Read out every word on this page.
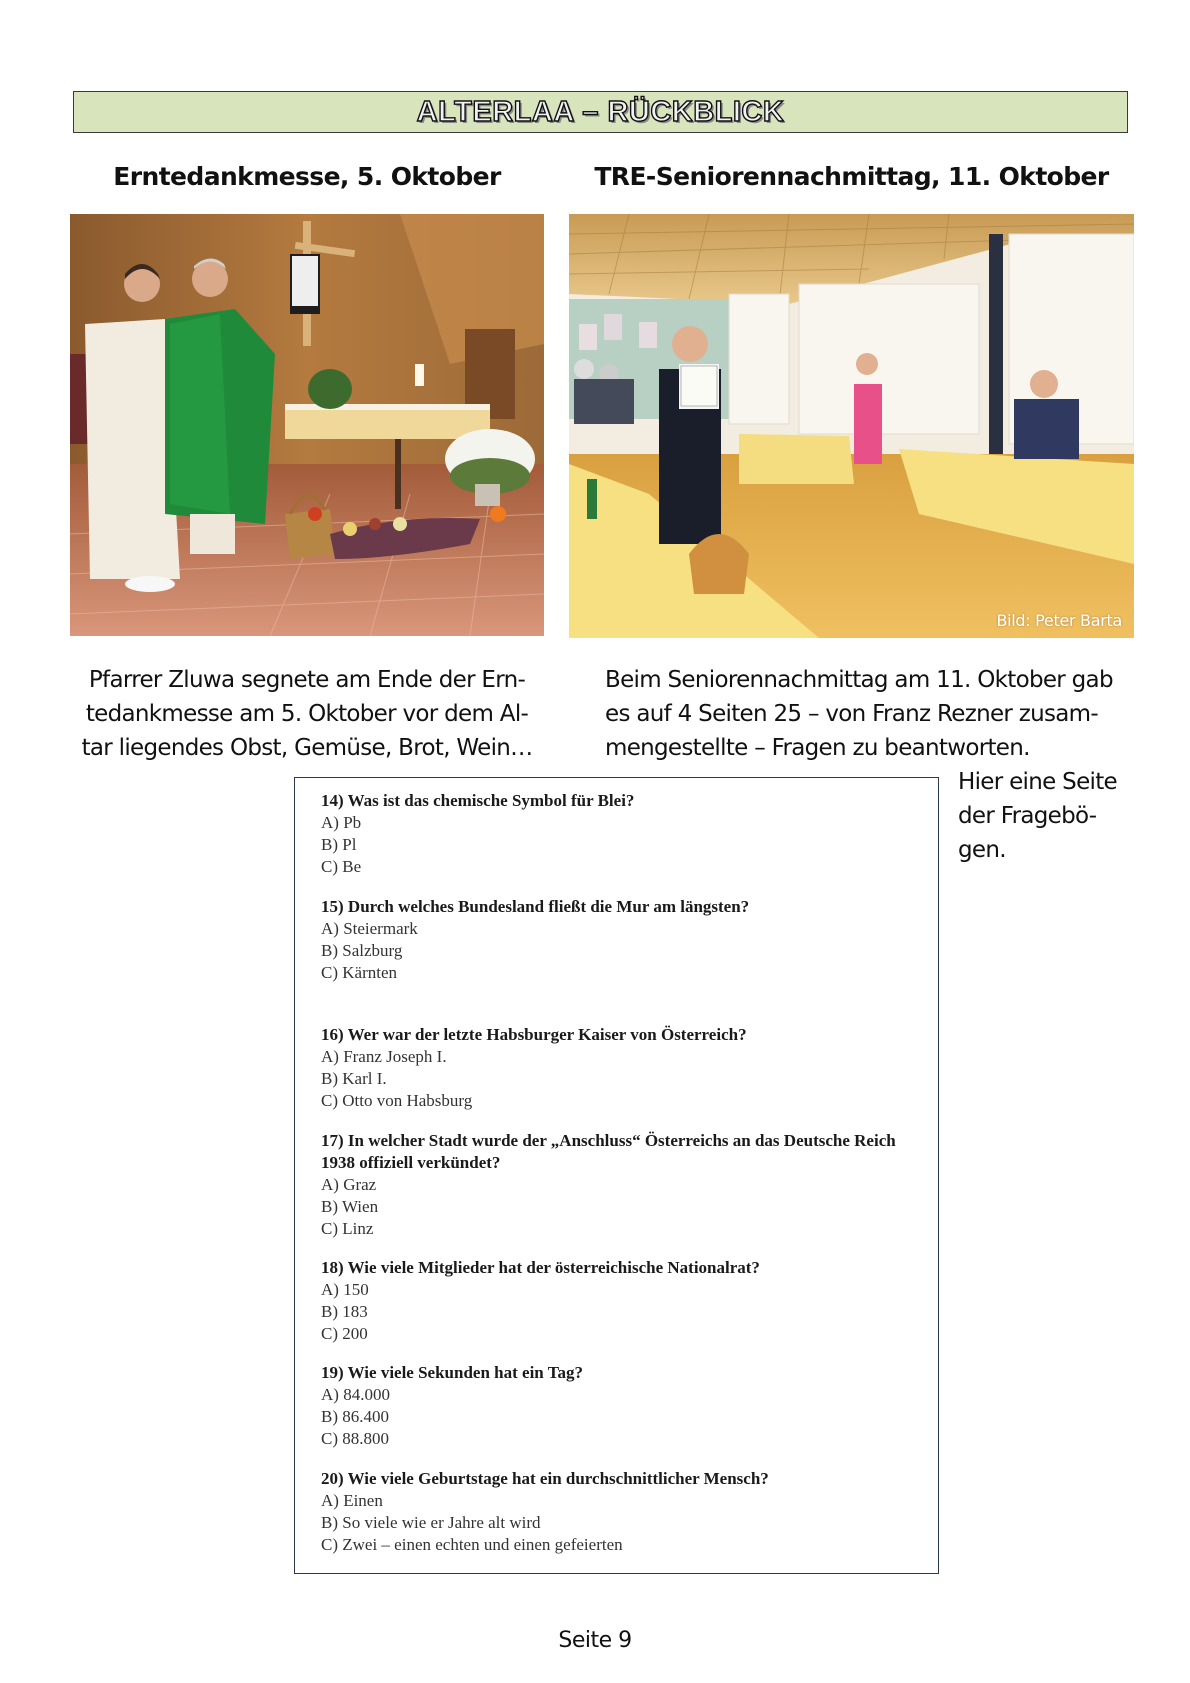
ALTERLAA – RÜCKBLICK
Erntedankmesse, 5. Oktober	TRE-Seniorennachmittag, 11. Oktober
Bild: Peter Barta
Pfarrer Zluwa segnete am Ende der Ern-
tedankmesse am 5. Oktober vor dem Al-
tar liegendes Obst, Gemüse, Brot, Wein…
Beim Seniorennachmittag am 11. Oktober gab
es auf 4 Seiten 25 – von Franz Rezner zusam-
mengestellte – Fragen zu beantworten.
Hier eine Seite
der Fragebö-
gen.
14) Was ist das chemische Symbol für Blei?
A) Pb
B) Pl
C) Be
15) Durch welches Bundesland fließt die Mur am längsten?
A) Steiermark
B) Salzburg
C) Kärnten
16) Wer war der letzte Habsburger Kaiser von Österreich?
A) Franz Joseph I.
B) Karl I.
C) Otto von Habsburg
17) In welcher Stadt wurde der „Anschluss“ Österreichs an das Deutsche Reich 1938 offiziell verkündet?
A) Graz
B) Wien
C) Linz
18) Wie viele Mitglieder hat der österreichische Nationalrat?
A) 150
B) 183
C) 200
19) Wie viele Sekunden hat ein Tag?
A) 84.000
B) 86.400
C) 88.800
20) Wie viele Geburtstage hat ein durchschnittlicher Mensch?
A) Einen
B) So viele wie er Jahre alt wird
C) Zwei – einen echten und einen gefeierten
Seite 9
